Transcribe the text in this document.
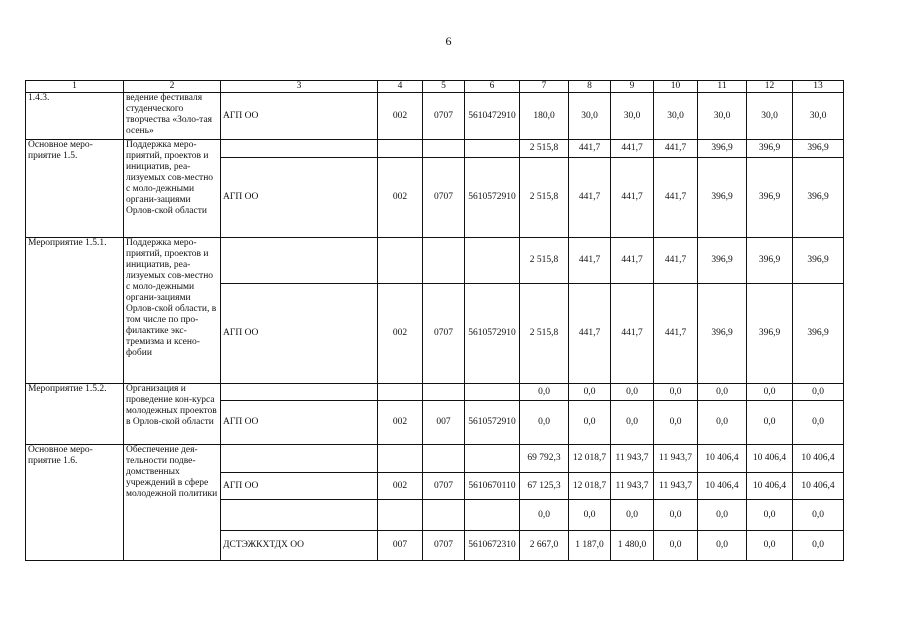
6
1	2	3	4	5	6	7	8	9	10	11	12	13
1.4.3.	ведение фестиваля студенческого творчества «Золо-тая осень»	АГП ОО	002	0707	5610472910	180,0	30,0	30,0	30,0	30,0	30,0	30,0
Основное меро-приятие 1.5.	Поддержка меро-приятий, проектов и инициатив, реа-лизуемых сов-местно с моло-дежными органи-зациями Орлов-ской области					2 515,8	441,7	441,7	441,7	396,9	396,9	396,9
		АГП ОО	002	0707	5610572910	2 515,8	441,7	441,7	441,7	396,9	396,9	396,9
Мероприятие 1.5.1.	Поддержка меро-приятий, проектов и инициатив, реа-лизуемых сов-местно с моло-дежными органи-зациями Орлов-ской области, в том числе по про-филактике экс-тремизма и ксено-фобии					2 515,8	441,7	441,7	441,7	396,9	396,9	396,9
		АГП ОО	002	0707	5610572910	2 515,8	441,7	441,7	441,7	396,9	396,9	396,9
Мероприятие 1.5.2.	Организация и проведение кон-курса молодежных проектов в Орлов-ской области					0,0	0,0	0,0	0,0	0,0	0,0	0,0
		АГП ОО	002	007	5610572910	0,0	0,0	0,0	0,0	0,0	0,0	0,0
Основное меро-приятие 1.6.	Обеспечение дея-тельности подве-домственных учреждений в сфере молодежной политики					69 792,3	12 018,7	11 943,7	11 943,7	10 406,4	10 406,4	10 406,4
		АГП ОО	002	0707	5610670110	67 125,3	12 018,7	11 943,7	11 943,7	10 406,4	10 406,4	10 406,4
						0,0	0,0	0,0	0,0	0,0	0,0	0,0
		ДСТЭЖКХТДХ ОО	007	0707	5610672310	2 667,0	1 187,0	1 480,0	0,0	0,0	0,0	0,0
